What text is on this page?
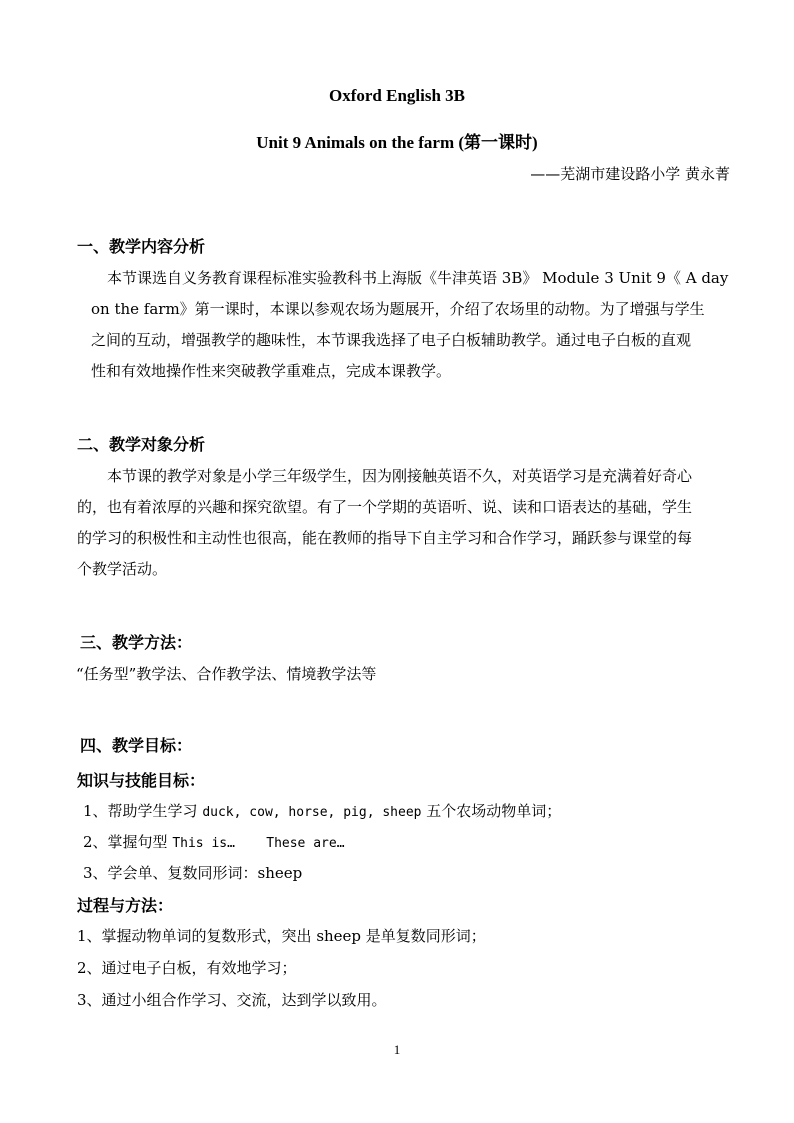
Oxford English 3B
Unit 9 Animals on the farm (第一课时)
——芜湖市建设路小学 黄永菁
一、教学内容分析
本节课选自义务教育课程标准实验教科书上海版《牛津英语 3B》 Module 3 Unit 9《 A day
on the farm》第一课时，本课以参观农场为题展开，介绍了农场里的动物。为了增强与学生
之间的互动，增强教学的趣味性，本节课我选择了电子白板辅助教学。通过电子白板的直观
性和有效地操作性来突破教学重难点，完成本课教学。
二、教学对象分析
本节课的教学对象是小学三年级学生，因为刚接触英语不久，对英语学习是充满着好奇心
的，也有着浓厚的兴趣和探究欲望。有了一个学期的英语听、说、读和口语表达的基础，学生
的学习的积极性和主动性也很高，能在教师的指导下自主学习和合作学习，踊跃参与课堂的每
个教学活动。
三、教学方法：
“任务型”教学法、合作教学法、情境教学法等
四、教学目标：
知识与技能目标：
1、帮助学生学习 duck, cow, horse, pig, sheep 五个农场动物单词；
2、掌握句型 This is…    These are…
3、学会单、复数同形词：sheep
过程与方法：
1、掌握动物单词的复数形式，突出 sheep 是单复数同形词；
2、通过电子白板，有效地学习；
3、通过小组合作学习、交流，达到学以致用。
1
